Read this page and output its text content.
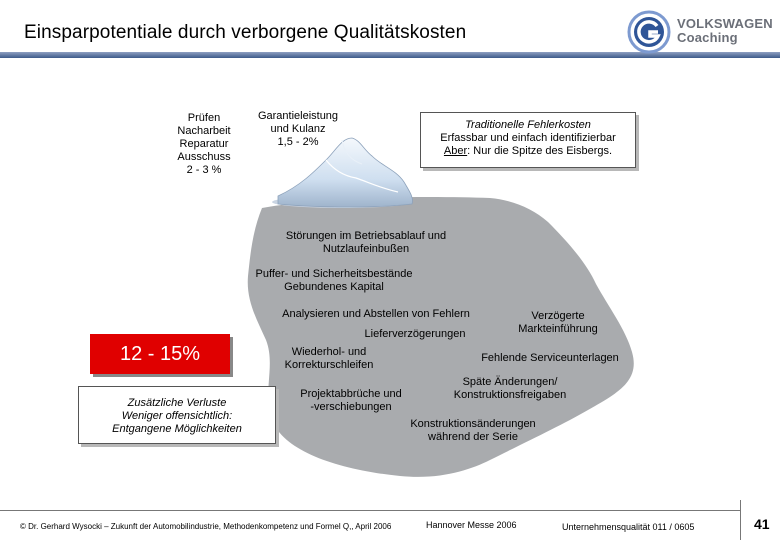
Einsparpotentiale durch verborgene Qualitätskosten	VOLKSWAGEN
Coaching
Prüfen
Nacharbeit
Reparatur
Ausschuss
2 - 3 %
Garantieleistung
und Kulanz
1,5 - 2%
Traditionelle Fehlerkosten
Erfassbar und einfach identifizierbar
Aber: Nur die Spitze des Eisbergs.
Störungen im Betriebsablauf und
Nutzlaufeinbußen
Puffer- und Sicherheitsbestände
Gebundenes Kapital
Analysieren und Abstellen von Fehlern	Verzögerte
Markteinführung
Lieferverzögerungen
Wiederhol- und
Korrekturschleifen
Fehlende Serviceunterlagen
Späte Änderungen/
Konstruktionsfreigaben
Projektabbrüche und
-verschiebungen
Konstruktionsänderungen
während der Serie
12 - 15%
Zusätzliche Verluste
Weniger offensichtlich:
Entgangene Möglichkeiten
© Dr. Gerhard Wysocki – Zukunft der Automobilindustrie, Methodenkompetenz und Formel Q,, April 2006	Hannover Messe 2006	Unternehmensqualität 011 / 0605	41
